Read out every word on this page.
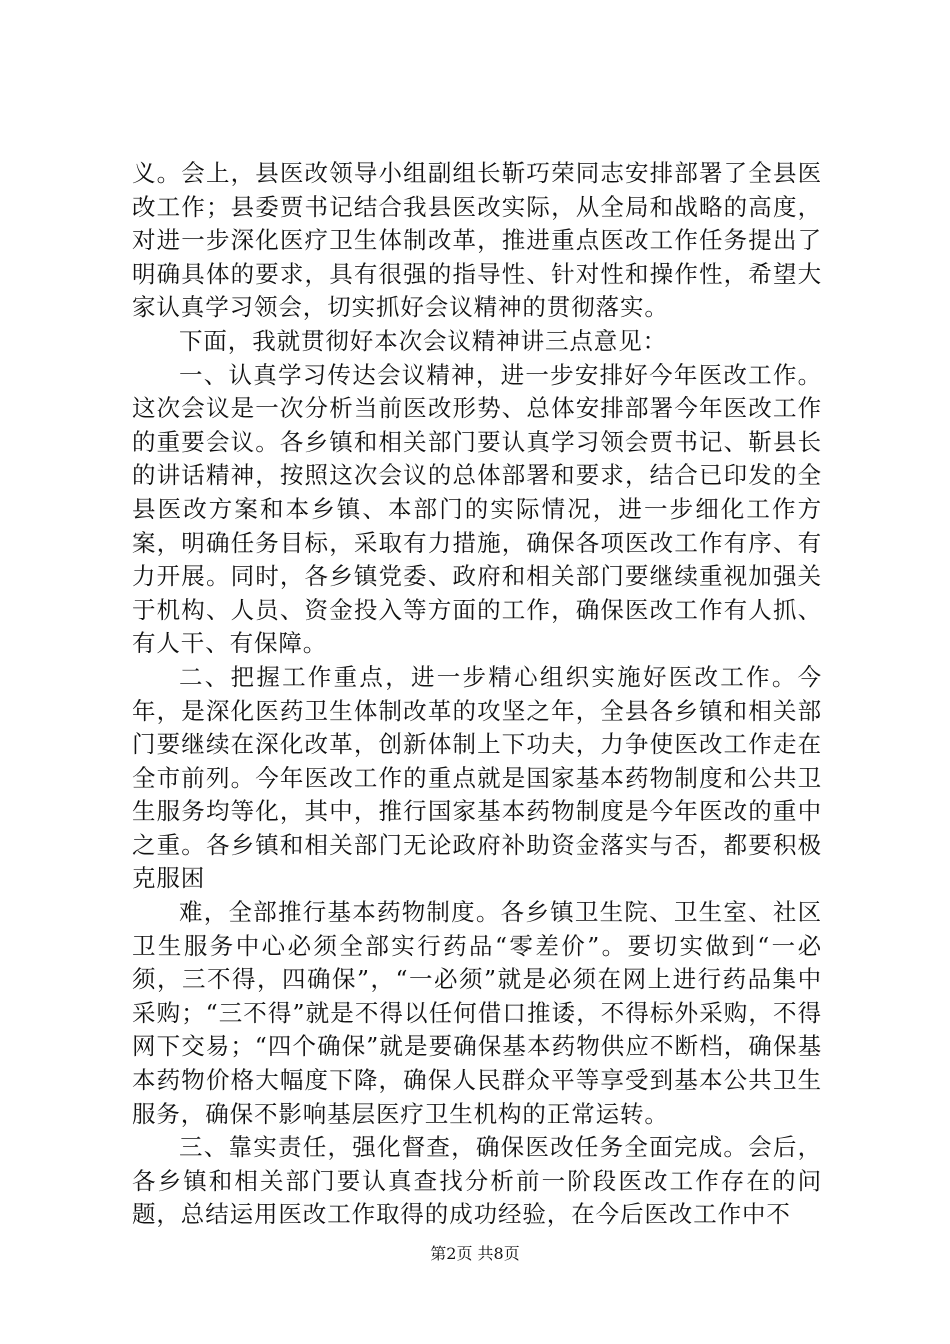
义。会上，县医改领导小组副组长靳巧荣同志安排部署了全县医改工作；县委贾书记结合我县医改实际，从全局和战略的高度，对进一步深化医疗卫生体制改革，推进重点医改工作任务提出了明确具体的要求，具有很强的指导性、针对性和操作性，希望大家认真学习领会，切实抓好会议精神的贯彻落实。

下面，我就贯彻好本次会议精神讲三点意见：

一、认真学习传达会议精神，进一步安排好今年医改工作。这次会议是一次分析当前医改形势、总体安排部署今年医改工作的重要会议。各乡镇和相关部门要认真学习领会贾书记、靳县长的讲话精神，按照这次会议的总体部署和要求，结合已印发的全县医改方案和本乡镇、本部门的实际情况，进一步细化工作方案，明确任务目标，采取有力措施，确保各项医改工作有序、有力开展。同时，各乡镇党委、政府和相关部门要继续重视加强关于机构、人员、资金投入等方面的工作，确保医改工作有人抓、有人干、有保障。

二、把握工作重点，进一步精心组织实施好医改工作。今年，是深化医药卫生体制改革的攻坚之年，全县各乡镇和相关部门要继续在深化改革，创新体制上下功夫，力争使医改工作走在全市前列。今年医改工作的重点就是国家基本药物制度和公共卫生服务均等化，其中，推行国家基本药物制度是今年医改的重中之重。各乡镇和相关部门无论政府补助资金落实与否，都要积极克服困

难，全部推行基本药物制度。各乡镇卫生院、卫生室、社区卫生服务中心必须全部实行药品“零差价”。要切实做到“一必须，三不得，四确保”，“一必须”就是必须在网上进行药品集中采购；“三不得”就是不得以任何借口推诿，不得标外采购，不得网下交易；“四个确保”就是要确保基本药物供应不断档，确保基本药物价格大幅度下降，确保人民群众平等享受到基本公共卫生服务，确保不影响基层医疗卫生机构的正常运转。

三、靠实责任，强化督查，确保医改任务全面完成。会后，各乡镇和相关部门要认真查找分析前一阶段医改工作存在的问题，总结运用医改工作取得的成功经验，在今后医改工作中不

第2页 共8页
